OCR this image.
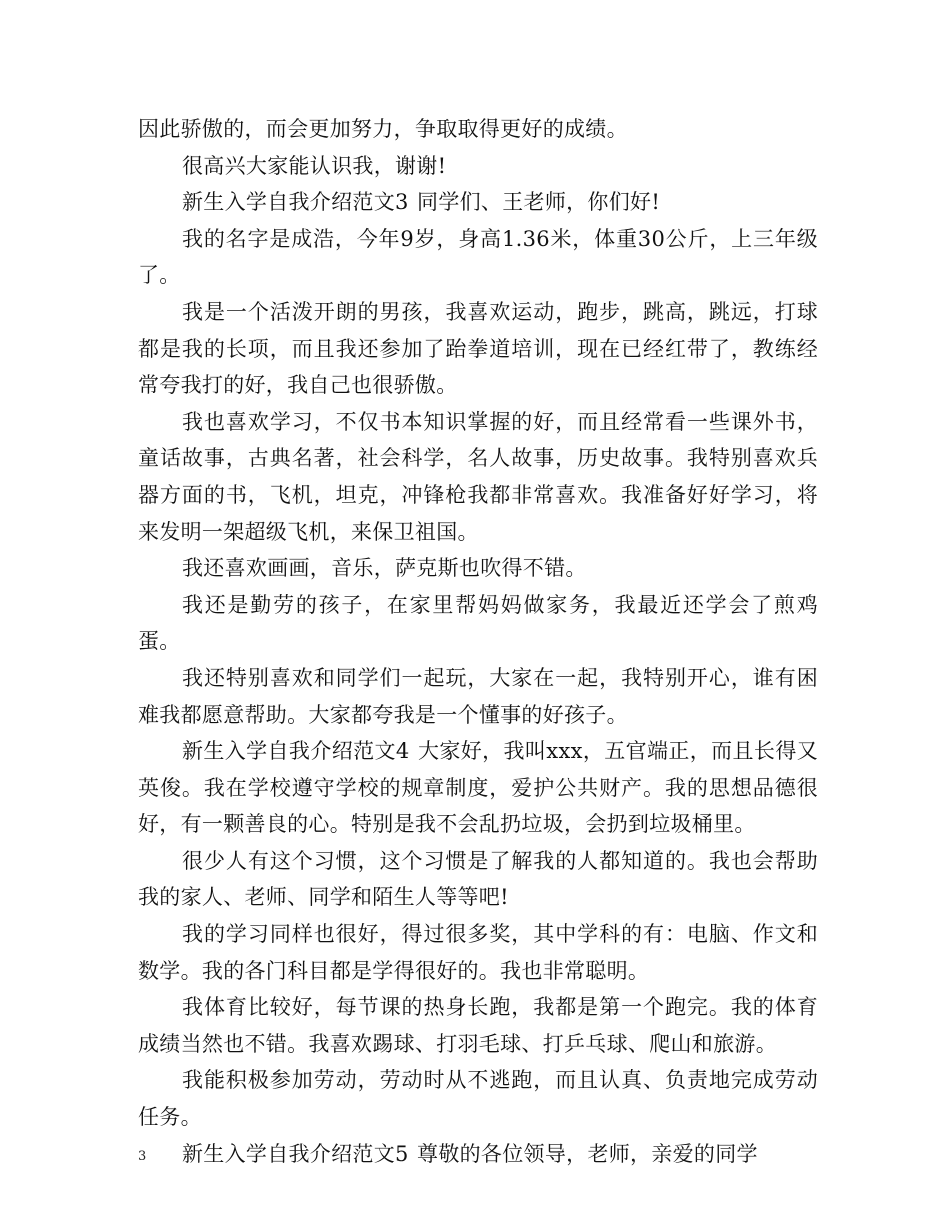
因此骄傲的，而会更加努力，争取取得更好的成绩。

很高兴大家能认识我，谢谢!

新生入学自我介绍范文3	同学们、王老师，你们好!

我的名字是成浩，今年9岁，身高1.36米，体重30公斤，上三年级了。

我是一个活泼开朗的男孩，我喜欢运动，跑步，跳高，跳远，打球都是我的长项，而且我还参加了跆拳道培训，现在已经红带了，教练经常夸我打的好，我自己也很骄傲。

我也喜欢学习，不仅书本知识掌握的好，而且经常看一些课外书，童话故事，古典名著，社会科学，名人故事，历史故事。我特别喜欢兵器方面的书，飞机，坦克，冲锋枪我都非常喜欢。我准备好好学习，将来发明一架超级飞机，来保卫祖国。

我还喜欢画画，音乐，萨克斯也吹得不错。

我还是勤劳的孩子，在家里帮妈妈做家务，我最近还学会了煎鸡蛋。

我还特别喜欢和同学们一起玩，大家在一起，我特别开心，谁有困难我都愿意帮助。大家都夸我是一个懂事的好孩子。

新生入学自我介绍范文4	大家好，我叫xxx，五官端正，而且长得又英俊。我在学校遵守学校的规章制度，爱护公共财产。我的思想品德很好，有一颗善良的心。特别是我不会乱扔垃圾，会扔到垃圾桶里。

很少人有这个习惯，这个习惯是了解我的人都知道的。我也会帮助我的家人、老师、同学和陌生人等等吧!

我的学习同样也很好，得过很多奖，其中学科的有：电脑、作文和数学。我的各门科目都是学得很好的。我也非常聪明。

我体育比较好，每节课的热身长跑，我都是第一个跑完。我的体育成绩当然也不错。我喜欢踢球、打羽毛球、打乒乓球、爬山和旅游。

我能积极参加劳动，劳动时从不逃跑，而且认真、负责地完成劳动任务。

新生入学自我介绍范文5	尊敬的各位领导，老师，亲爱的同学

3
